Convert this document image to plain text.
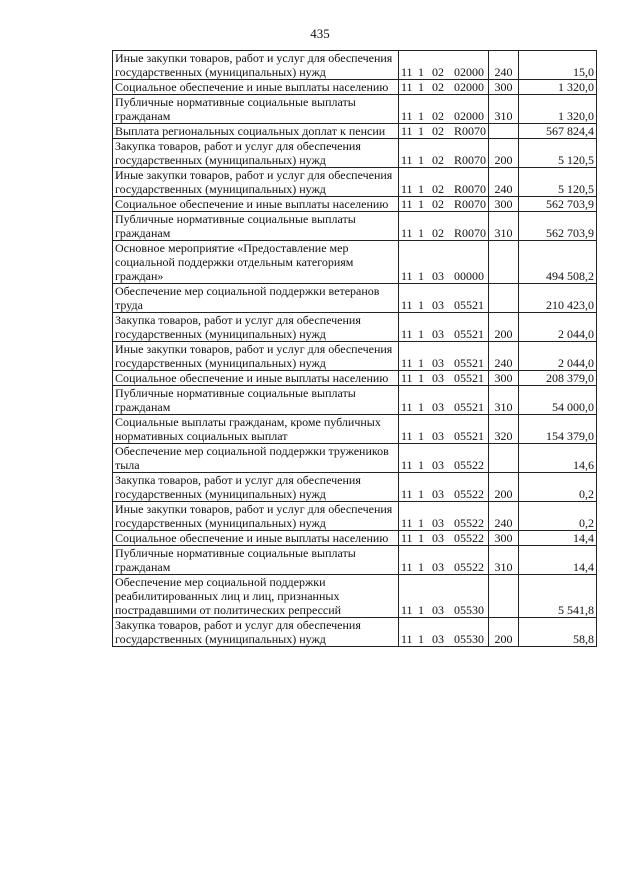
435
Иные закупки товаров, работ и услуг для обеспечения государственных (муниципальных) нужд	11 1 02 02000	240	15,0
Социальное обеспечение и иные выплаты населению	11 1 02 02000	300	1 320,0
Публичные нормативные социальные выплаты гражданам	11 1 02 02000	310	1 320,0
Выплата региональных социальных доплат к пенсии	11 1 02 R0070		567 824,4
Закупка товаров, работ и услуг для обеспечения государственных (муниципальных) нужд	11 1 02 R0070	200	5 120,5
Иные закупки товаров, работ и услуг для обеспечения государственных (муниципальных) нужд	11 1 02 R0070	240	5 120,5
Социальное обеспечение и иные выплаты населению	11 1 02 R0070	300	562 703,9
Публичные нормативные социальные выплаты гражданам	11 1 02 R0070	310	562 703,9
Основное мероприятие «Предоставление мер социальной поддержки отдельным категориям граждан»	11 1 03 00000		494 508,2
Обеспечение мер социальной поддержки ветеранов труда	11 1 03 05521		210 423,0
Закупка товаров, работ и услуг для обеспечения государственных (муниципальных) нужд	11 1 03 05521	200	2 044,0
Иные закупки товаров, работ и услуг для обеспечения государственных (муниципальных) нужд	11 1 03 05521	240	2 044,0
Социальное обеспечение и иные выплаты населению	11 1 03 05521	300	208 379,0
Публичные нормативные социальные выплаты гражданам	11 1 03 05521	310	54 000,0
Социальные выплаты гражданам, кроме публичных нормативных социальных выплат	11 1 03 05521	320	154 379,0
Обеспечение мер социальной поддержки тружеников тыла	11 1 03 05522		14,6
Закупка товаров, работ и услуг для обеспечения государственных (муниципальных) нужд	11 1 03 05522	200	0,2
Иные закупки товаров, работ и услуг для обеспечения государственных (муниципальных) нужд	11 1 03 05522	240	0,2
Социальное обеспечение и иные выплаты населению	11 1 03 05522	300	14,4
Публичные нормативные социальные выплаты гражданам	11 1 03 05522	310	14,4
Обеспечение мер социальной поддержки реабилитированных лиц и лиц, признанных пострадавшими от политических репрессий	11 1 03 05530		5 541,8
Закупка товаров, работ и услуг для обеспечения государственных (муниципальных) нужд	11 1 03 05530	200	58,8
